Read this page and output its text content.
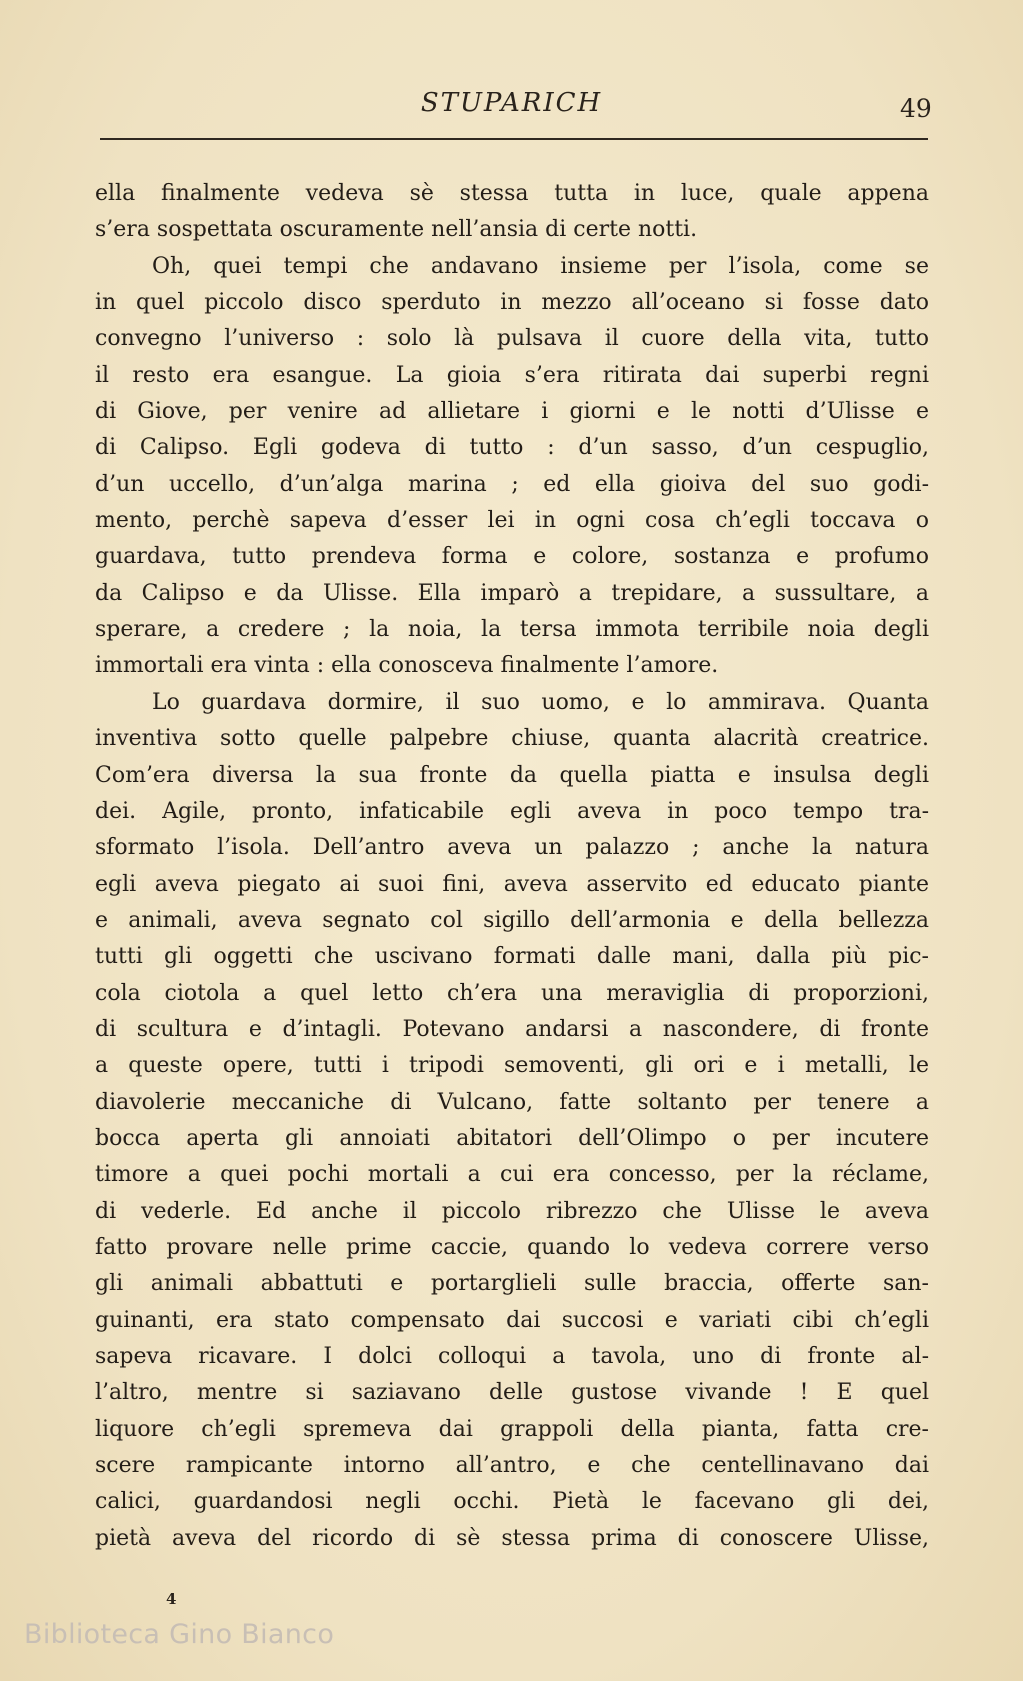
STUPARICH	49
ella finalmente vedeva sè stessa tutta in luce, quale appena
s’era sospettata oscuramente nell’ansia di certe notti.
Oh, quei tempi che andavano insieme per l’isola, come se
in quel piccolo disco sperduto in mezzo all’oceano si fosse dato
convegno l’universo : solo là pulsava il cuore della vita, tutto
il resto era esangue. La gioia s’era ritirata dai superbi regni
di Giove, per venire ad allietare i giorni e le notti d’Ulisse e
di Calipso. Egli godeva di tutto : d’un sasso, d’un cespuglio,
d’un uccello, d’un’alga marina ; ed ella gioiva del suo godi-
mento, perchè sapeva d’esser lei in ogni cosa ch’egli toccava o
guardava, tutto prendeva forma e colore, sostanza e profumo
da Calipso e da Ulisse. Ella imparò a trepidare, a sussultare, a
sperare, a credere ; la noia, la tersa immota terribile noia degli
immortali era vinta : ella conosceva finalmente l’amore.
Lo guardava dormire, il suo uomo, e lo ammirava. Quanta
inventiva sotto quelle palpebre chiuse, quanta alacrità creatrice.
Com’era diversa la sua fronte da quella piatta e insulsa degli
dei. Agile, pronto, infaticabile egli aveva in poco tempo tra-
sformato l’isola. Dell’antro aveva un palazzo ; anche la natura
egli aveva piegato ai suoi fini, aveva asservito ed educato piante
e animali, aveva segnato col sigillo dell’armonia e della bellezza
tutti gli oggetti che uscivano formati dalle mani, dalla più pic-
cola ciotola a quel letto ch’era una meraviglia di proporzioni,
di scultura e d’intagli. Potevano andarsi a nascondere, di fronte
a queste opere, tutti i tripodi semoventi, gli ori e i metalli, le
diavolerie meccaniche di Vulcano, fatte soltanto per tenere a
bocca aperta gli annoiati abitatori dell’Olimpo o per incutere
timore a quei pochi mortali a cui era concesso, per la réclame,
di vederle. Ed anche il piccolo ribrezzo che Ulisse le aveva
fatto provare nelle prime caccie, quando lo vedeva correre verso
gli animali abbattuti e portarglieli sulle braccia, offerte san-
guinanti, era stato compensato dai succosi e variati cibi ch’egli
sapeva ricavare. I dolci colloqui a tavola, uno di fronte al-
l’altro, mentre si saziavano delle gustose vivande ! E quel
liquore ch’egli spremeva dai grappoli della pianta, fatta cre-
scere rampicante intorno all’antro, e che centellinavano dai
calici, guardandosi negli occhi. Pietà le facevano gli dei,
pietà aveva del ricordo di sè stessa prima di conoscere Ulisse,
4
Biblioteca Gino Bianco
